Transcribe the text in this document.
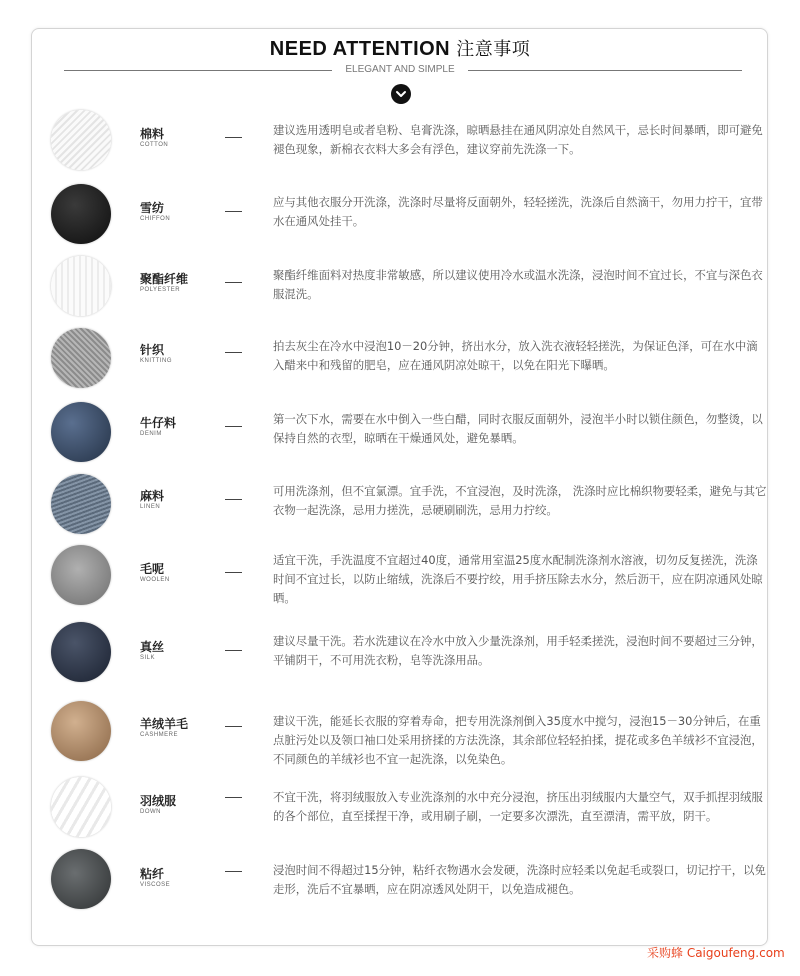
NEED ATTENTION 注意事项
ELEGANT AND SIMPLE
棉料
COTTON
建议选用透明皂或者皂粉、皂膏洗涤，晾晒悬挂在通风阴凉处自然风干，忌长时间暴晒，即可避免褪色现象，新棉衣衣料大多会有浮色，建议穿前先洗涤一下。
雪纺
CHIFFON
应与其他衣服分开洗涤，洗涤时尽量将反面朝外，轻轻搓洗，洗涤后自然滴干，勿用力拧干，宜带水在通风处挂干。
聚酯纤维
POLYESTER
聚酯纤维面料对热度非常敏感，所以建议使用冷水或温水洗涤，浸泡时间不宜过长，不宜与深色衣服混洗。
针织
KNITTING
拍去灰尘在冷水中浸泡10－20分钟，挤出水分，放入洗衣液轻轻搓洗，为保证色泽，可在水中滴入醋来中和残留的肥皂，应在通风阴凉处晾干，以免在阳光下曝晒。
牛仔料
DENIM
第一次下水，需要在水中倒入一些白醋，同时衣服反面朝外，浸泡半小时以锁住颜色，勿整烫，以保持自然的衣型，晾晒在干燥通风处，避免暴晒。
麻料
LINEN
可用洗涤剂，但不宜氯漂。宜手洗，不宜浸泡，及时洗涤， 洗涤时应比棉织物要轻柔，避免与其它衣物一起洗涤，忌用力搓洗，忌硬刷刷洗，忌用力拧绞。
毛呢
WOOLEN
适宜干洗，手洗温度不宜超过40度，通常用室温25度水配制洗涤剂水溶液，切勿反复搓洗，洗涤时间不宜过长，以防止缩绒，洗涤后不要拧绞，用手挤压除去水分，然后沥干，应在阴凉通风处晾晒。
真丝
SILK
建议尽量干洗。若水洗建议在冷水中放入少量洗涤剂，用手轻柔搓洗，浸泡时间不要超过三分钟，平铺阴干，不可用洗衣粉，皂等洗涤用品。
羊绒羊毛
CASHMERE
建议干洗，能延长衣服的穿着寿命，把专用洗涤剂倒入35度水中搅匀，浸泡15－30分钟后，在重点脏污处以及领口袖口处采用挤揉的方法洗涤，其余部位轻轻拍揉，提花或多色羊绒衫不宜浸泡，不同颜色的羊绒衫也不宜一起洗涤，以免染色。
羽绒服
DOWN
不宜干洗，将羽绒服放入专业洗涤剂的水中充分浸泡，挤压出羽绒服内大量空气，双手抓捏羽绒服的各个部位，直至揉捏干净，或用刷子刷，一定要多次漂洗，直至漂清，需平放，阴干。
粘纤
VISCOSE
浸泡时间不得超过15分钟，粘纤衣物遇水会发硬，洗涤时应轻柔以免起毛或裂口，切记拧干，以免走形，洗后不宜暴晒，应在阴凉透风处阴干，以免造成褪色。
采购蜂 Caigoufeng.com
